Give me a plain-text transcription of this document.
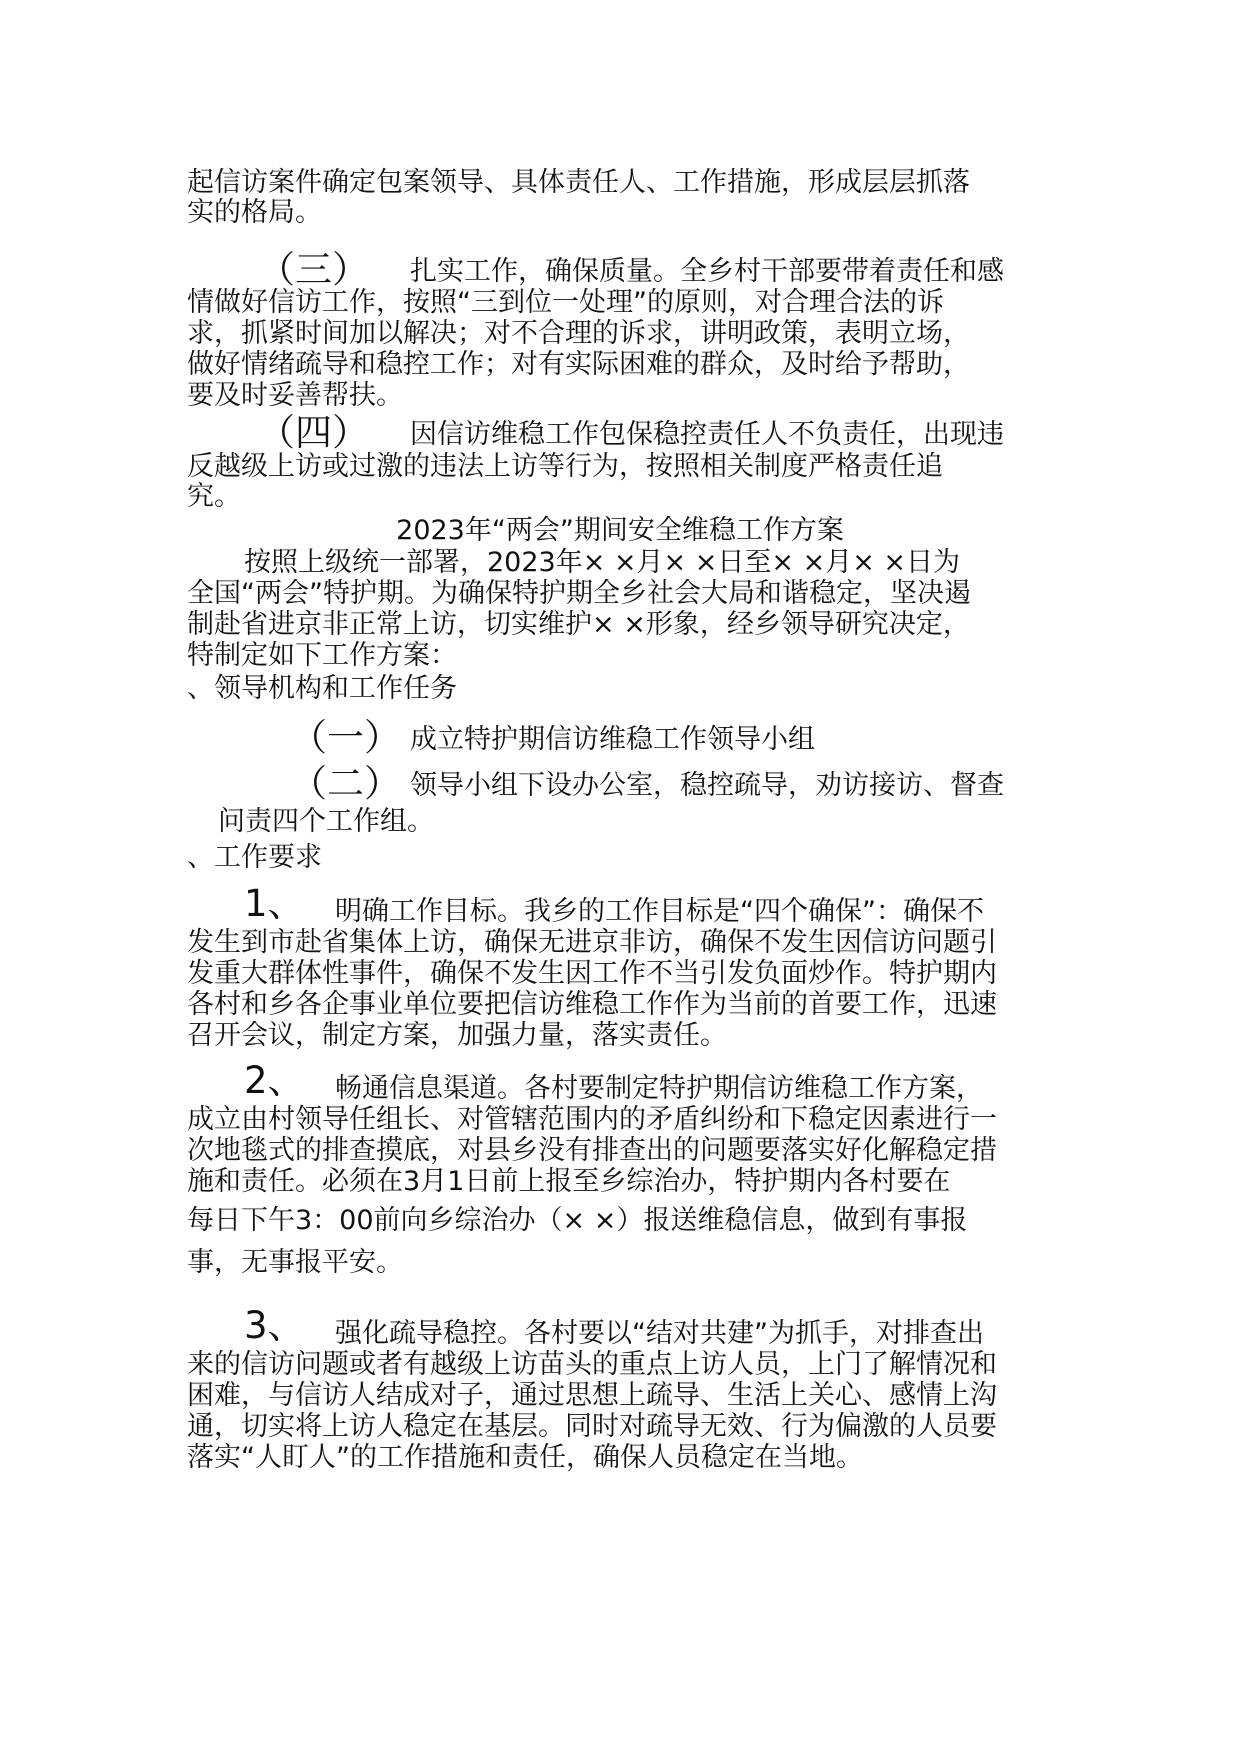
起信访案件确定包案领导、具体责任人、工作措施，形成层层抓落
实的格局。
（三） 扎实工作，确保质量。全乡村干部要带着责任和感
情做好信访工作，按照“三到位一处理”的原则，对合理合法的诉
求，抓紧时间加以解决；对不合理的诉求，讲明政策，表明立场，
做好情绪疏导和稳控工作；对有实际困难的群众，及时给予帮助，
要及时妥善帮扶。
（四） 因信访维稳工作包保稳控责任人不负责任，出现违
反越级上访或过激的违法上访等行为，按照相关制度严格责任追
究。
2023年“两会”期间安全维稳工作方案
按照上级统一部署，2023年× ×月× ×日至× ×月× ×日为
全国“两会”特护期。为确保特护期全乡社会大局和谐稳定，坚决遏
制赴省进京非正常上访，切实维护× ×形象，经乡领导研究决定，
特制定如下工作方案：
、领导机构和工作任务
（一） 成立特护期信访维稳工作领导小组
（二） 领导小组下设办公室，稳控疏导，劝访接访、督查
问责四个工作组。
、工作要求
1、 明确工作目标。我乡的工作目标是“四个确保”：确保不
发生到市赴省集体上访，确保无进京非访，确保不发生因信访问题引
发重大群体性事件，确保不发生因工作不当引发负面炒作。特护期内
各村和乡各企事业单位要把信访维稳工作作为当前的首要工作，迅速
召开会议，制定方案，加强力量，落实责任。
2、 畅通信息渠道。各村要制定特护期信访维稳工作方案，
成立由村领导任组长、对管辖范围内的矛盾纠纷和下稳定因素进行一
次地毯式的排查摸底，对县乡没有排查出的问题要落实好化解稳定措
施和责任。必须在3月1日前上报至乡综治办，特护期内各村要在
每日下午3：00前向乡综治办（× ×）报送维稳信息，做到有事报
事，无事报平安。
3、 强化疏导稳控。各村要以“结对共建”为抓手，对排查出
来的信访问题或者有越级上访苗头的重点上访人员，上门了解情况和
困难，与信访人结成对子，通过思想上疏导、生活上关心、感情上沟
通，切实将上访人稳定在基层。同时对疏导无效、行为偏激的人员要
落实“人盯人”的工作措施和责任，确保人员稳定在当地。
